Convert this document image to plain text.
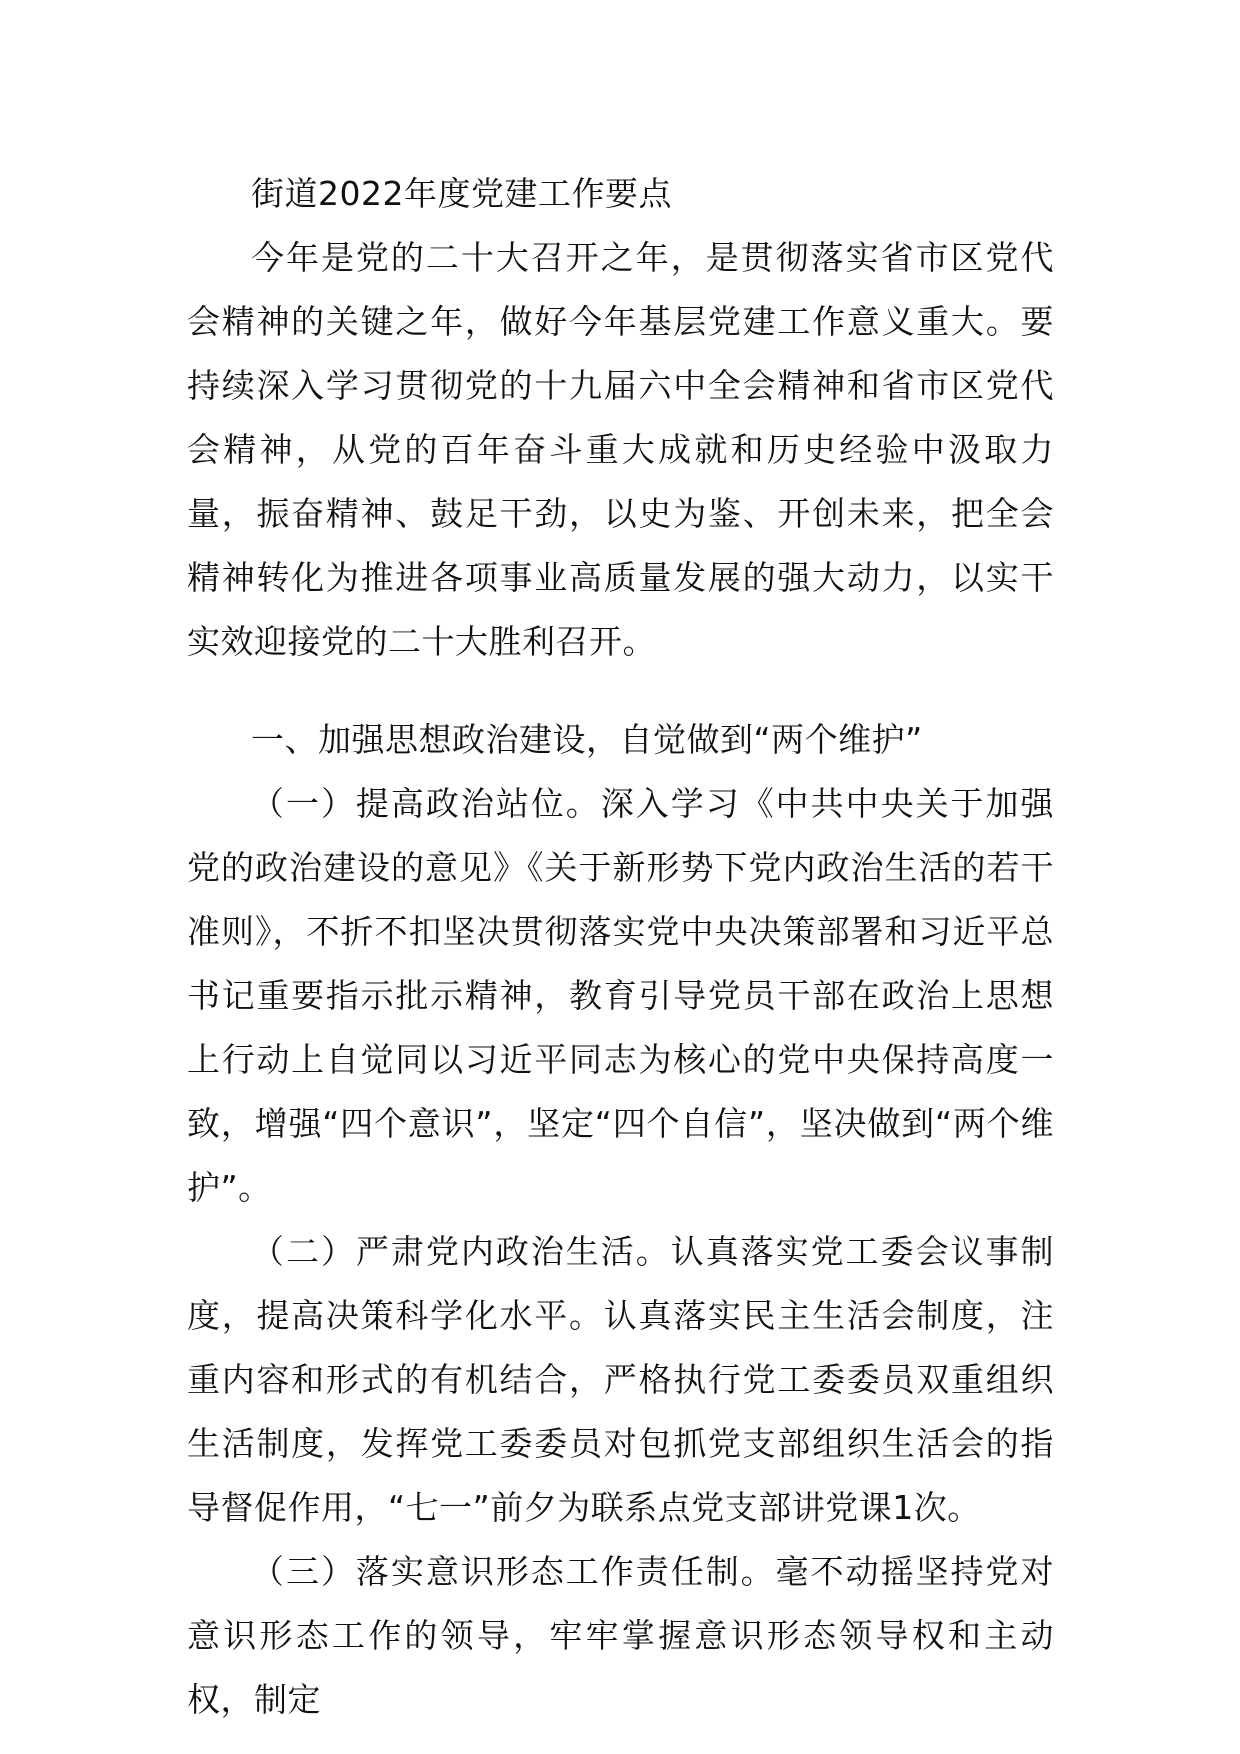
街道2022年度党建工作要点

今年是党的二十大召开之年，是贯彻落实省市区党代会精神的关键之年，做好今年基层党建工作意义重大。要持续深入学习贯彻党的十九届六中全会精神和省市区党代会精神，从党的百年奋斗重大成就和历史经验中汲取力量，振奋精神、鼓足干劲，以史为鉴、开创未来，把全会精神转化为推进各项事业高质量发展的强大动力，以实干实效迎接党的二十大胜利召开。

一、加强思想政治建设，自觉做到“两个维护”

（一）提高政治站位。深入学习《中共中央关于加强党的政治建设的意见》《关于新形势下党内政治生活的若干准则》，不折不扣坚决贯彻落实党中央决策部署和习近平总书记重要指示批示精神，教育引导党员干部在政治上思想上行动上自觉同以习近平同志为核心的党中央保持高度一致，增强“四个意识”，坚定“四个自信”，坚决做到“两个维护”。

（二）严肃党内政治生活。认真落实党工委会议事制度，提高决策科学化水平。认真落实民主生活会制度，注重内容和形式的有机结合，严格执行党工委委员双重组织生活制度，发挥党工委委员对包抓党支部组织生活会的指导督促作用，“七一”前夕为联系点党支部讲党课1次。

（三）落实意识形态工作责任制。毫不动摇坚持党对意识形态工作的领导，牢牢掌握意识形态领导权和主动权，制定
